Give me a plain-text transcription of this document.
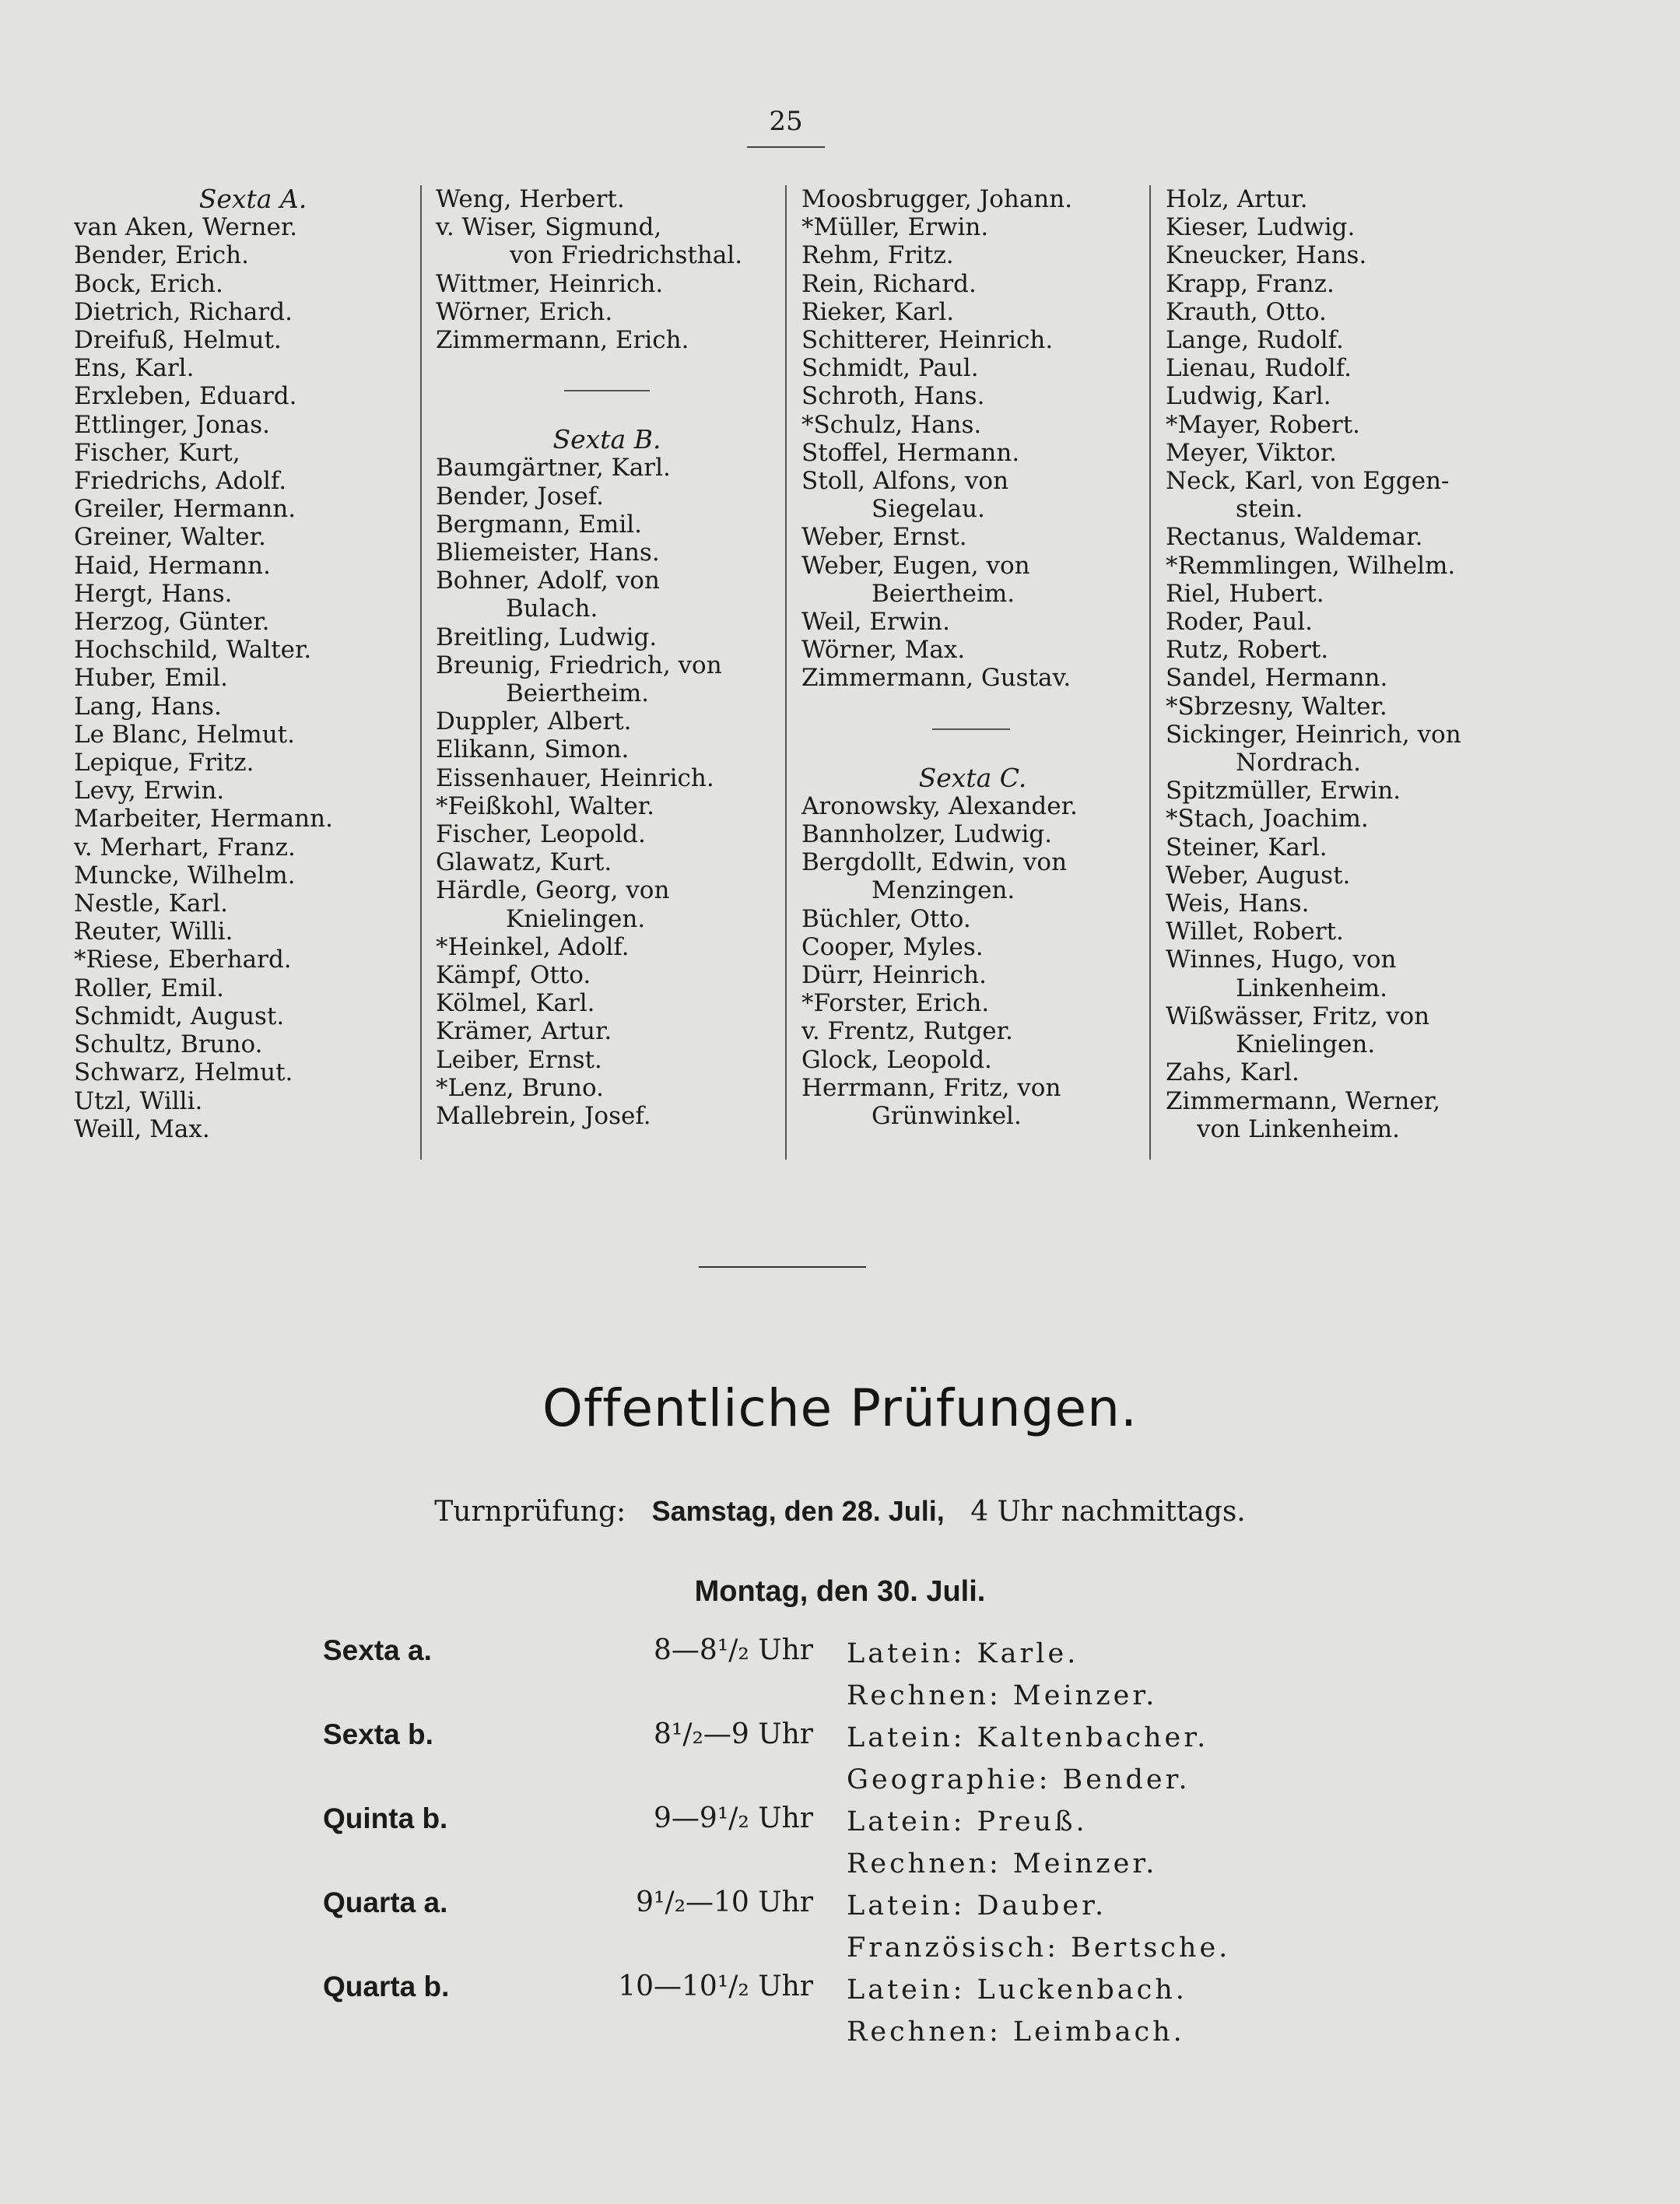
25
Sexta A.
van Aken, Werner.
Bender, Erich.
Bock, Erich.
Dietrich, Richard.
Dreifuß, Helmut.
Ens, Karl.
Erxleben, Eduard.
Ettlinger, Jonas.
Fischer, Kurt,
Friedrichs, Adolf.
Greiler, Hermann.
Greiner, Walter.
Haid, Hermann.
Hergt, Hans.
Herzog, Günter.
Hochschild, Walter.
Huber, Emil.
Lang, Hans.
Le Blanc, Helmut.
Lepique, Fritz.
Levy, Erwin.
Marbeiter, Hermann.
v. Merhart, Franz.
Muncke, Wilhelm.
Nestle, Karl.
Reuter, Willi.
*Riese, Eberhard.
Roller, Emil.
Schmidt, August.
Schultz, Bruno.
Schwarz, Helmut.
Utzl, Willi.
Weill, Max.
Weng, Herbert.
v. Wiser, Sigmund,
von Friedrichsthal.
Wittmer, Heinrich.
Wörner, Erich.
Zimmermann, Erich.
Sexta B.
Baumgärtner, Karl.
Bender, Josef.
Bergmann, Emil.
Bliemeister, Hans.
Bohner, Adolf, von
Bulach.
Breitling, Ludwig.
Breunig, Friedrich, von
Beiertheim.
Duppler, Albert.
Elikann, Simon.
Eissenhauer, Heinrich.
*Feißkohl, Walter.
Fischer, Leopold.
Glawatz, Kurt.
Härdle, Georg, von
Knielingen.
*Heinkel, Adolf.
Kämpf, Otto.
Kölmel, Karl.
Krämer, Artur.
Leiber, Ernst.
*Lenz, Bruno.
Mallebrein, Josef.
Moosbrugger, Johann.
*Müller, Erwin.
Rehm, Fritz.
Rein, Richard.
Rieker, Karl.
Schitterer, Heinrich.
Schmidt, Paul.
Schroth, Hans.
*Schulz, Hans.
Stoffel, Hermann.
Stoll, Alfons, von
Siegelau.
Weber, Ernst.
Weber, Eugen, von
Beiertheim.
Weil, Erwin.
Wörner, Max.
Zimmermann, Gustav.
Sexta C.
Aronowsky, Alexander.
Bannholzer, Ludwig.
Bergdollt, Edwin, von
Menzingen.
Büchler, Otto.
Cooper, Myles.
Dürr, Heinrich.
*Forster, Erich.
v. Frentz, Rutger.
Glock, Leopold.
Herrmann, Fritz, von
Grünwinkel.
Holz, Artur.
Kieser, Ludwig.
Kneucker, Hans.
Krapp, Franz.
Krauth, Otto.
Lange, Rudolf.
Lienau, Rudolf.
Ludwig, Karl.
*Mayer, Robert.
Meyer, Viktor.
Neck, Karl, von Eggen-
stein.
Rectanus, Waldemar.
*Remmlingen, Wilhelm.
Riel, Hubert.
Roder, Paul.
Rutz, Robert.
Sandel, Hermann.
*Sbrzesny, Walter.
Sickinger, Heinrich, von
Nordrach.
Spitzmüller, Erwin.
*Stach, Joachim.
Steiner, Karl.
Weber, August.
Weis, Hans.
Willet, Robert.
Winnes, Hugo, von
Linkenheim.
Wißwässer, Fritz, von
Knielingen.
Zahs, Karl.
Zimmermann, Werner,
von Linkenheim.
Offentliche Prüfungen.
Turnprüfung: Samstag, den 28. Juli, 4 Uhr nachmittags.
Montag, den 30. Juli.
Sexta a.	8—8¹/₂ Uhr Latein: Karle.
Rechnen: Meinzer.
Sexta b.	8¹/₂—9 Uhr Latein: Kaltenbacher.
Geographie: Bender.
Quinta b.	9—9¹/₂ Uhr Latein: Preuß.
Rechnen: Meinzer.
Quarta a.	9¹/₂—10 Uhr Latein: Dauber.
Französisch: Bertsche.
Quarta b.	10—10¹/₂ Uhr Latein: Luckenbach.
Rechnen: Leimbach.
